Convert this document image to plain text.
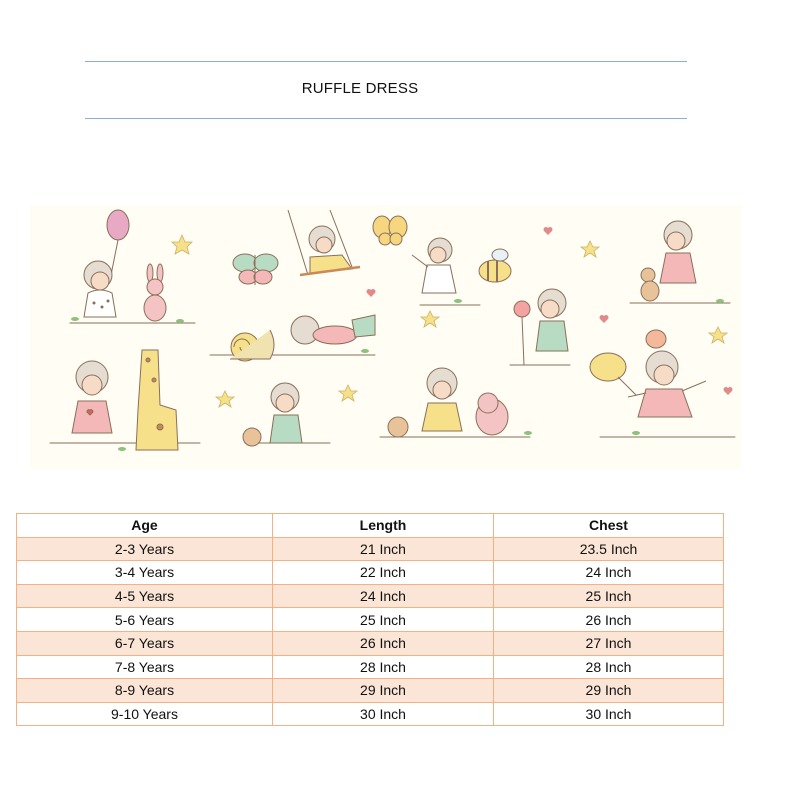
RUFFLE DRESS
Age	Length	Chest
2-3 Years	21 Inch	23.5 Inch
3-4 Years	22 Inch	24 Inch
4-5 Years	24 Inch	25 Inch
5-6 Years	25 Inch	26 Inch
6-7 Years	26 Inch	27 Inch
7-8 Years	28 Inch	28 Inch
8-9 Years	29 Inch	29 Inch
9-10 Years	30 Inch	30 Inch
